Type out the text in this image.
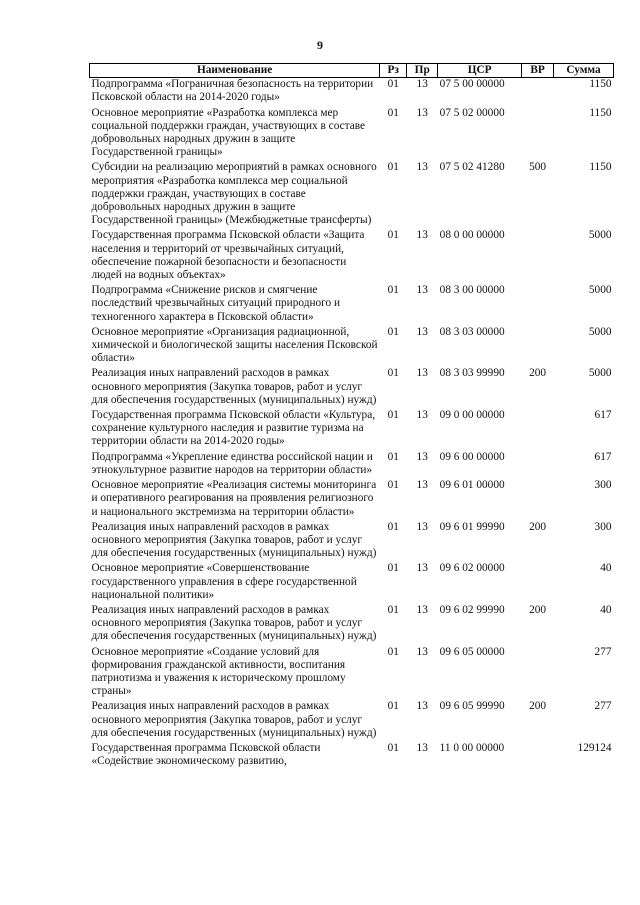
9
Наименование	Рз	Пр	ЦСР	ВР	Сумма
Подпрограмма «Пограничная безопасность на территории Псковской области на 2014-2020 годы»	01	13	07 5 00 00000		1150
Основное мероприятие «Разработка комплекса мер социальной поддержки граждан, участвующих в составе добровольных народных дружин в защите Государственной границы»	01	13	07 5 02 00000		1150
Субсидии на реализацию мероприятий в рамках основного мероприятия «Разработка комплекса мер социальной поддержки граждан, участвующих в составе добровольных народных дружин в защите Государственной границы» (Межбюджетные трансферты)	01	13	07 5 02 41280	500	1150
Государственная программа Псковской области «Защита населения и территорий от чрезвычайных ситуаций, обеспечение пожарной безопасности и безопасности людей на водных объектах»	01	13	08 0 00 00000		5000
Подпрограмма «Снижение рисков и смягчение последствий чрезвычайных ситуаций природного и техногенного характера в Псковской области»	01	13	08 3 00 00000		5000
Основное мероприятие «Организация радиационной, химической и биологической защиты населения Псковской области»	01	13	08 3 03 00000		5000
Реализация иных направлений расходов в рамках основного мероприятия (Закупка товаров, работ и услуг для обеспечения государственных (муниципальных) нужд)	01	13	08 3 03 99990	200	5000
Государственная программа Псковской области «Культура, сохранение культурного наследия и развитие туризма на территории области на 2014-2020 годы»	01	13	09 0 00 00000		617
Подпрограмма «Укрепление единства российской нации и этнокультурное развитие народов на территории области»	01	13	09 6 00 00000		617
Основное мероприятие «Реализация системы мониторинга и оперативного реагирования на проявления религиозного и национального экстремизма на территории области»	01	13	09 6 01 00000		300
Реализация иных направлений расходов в рамках основного мероприятия (Закупка товаров, работ и услуг для обеспечения государственных (муниципальных) нужд)	01	13	09 6 01 99990	200	300
Основное мероприятие «Совершенствование государственного управления в сфере государственной национальной политики»	01	13	09 6 02 00000		40
Реализация иных направлений расходов в рамках основного мероприятия (Закупка товаров, работ и услуг для обеспечения государственных (муниципальных) нужд)	01	13	09 6 02 99990	200	40
Основное мероприятие «Создание условий для формирования гражданской активности, воспитания патриотизма и уважения к историческому прошлому страны»	01	13	09 6 05 00000		277
Реализация иных направлений расходов в рамках основного мероприятия (Закупка товаров, работ и услуг для обеспечения государственных (муниципальных) нужд)	01	13	09 6 05 99990	200	277
Государственная программа Псковской области «Содействие экономическому развитию,	01	13	11 0 00 00000		129124
